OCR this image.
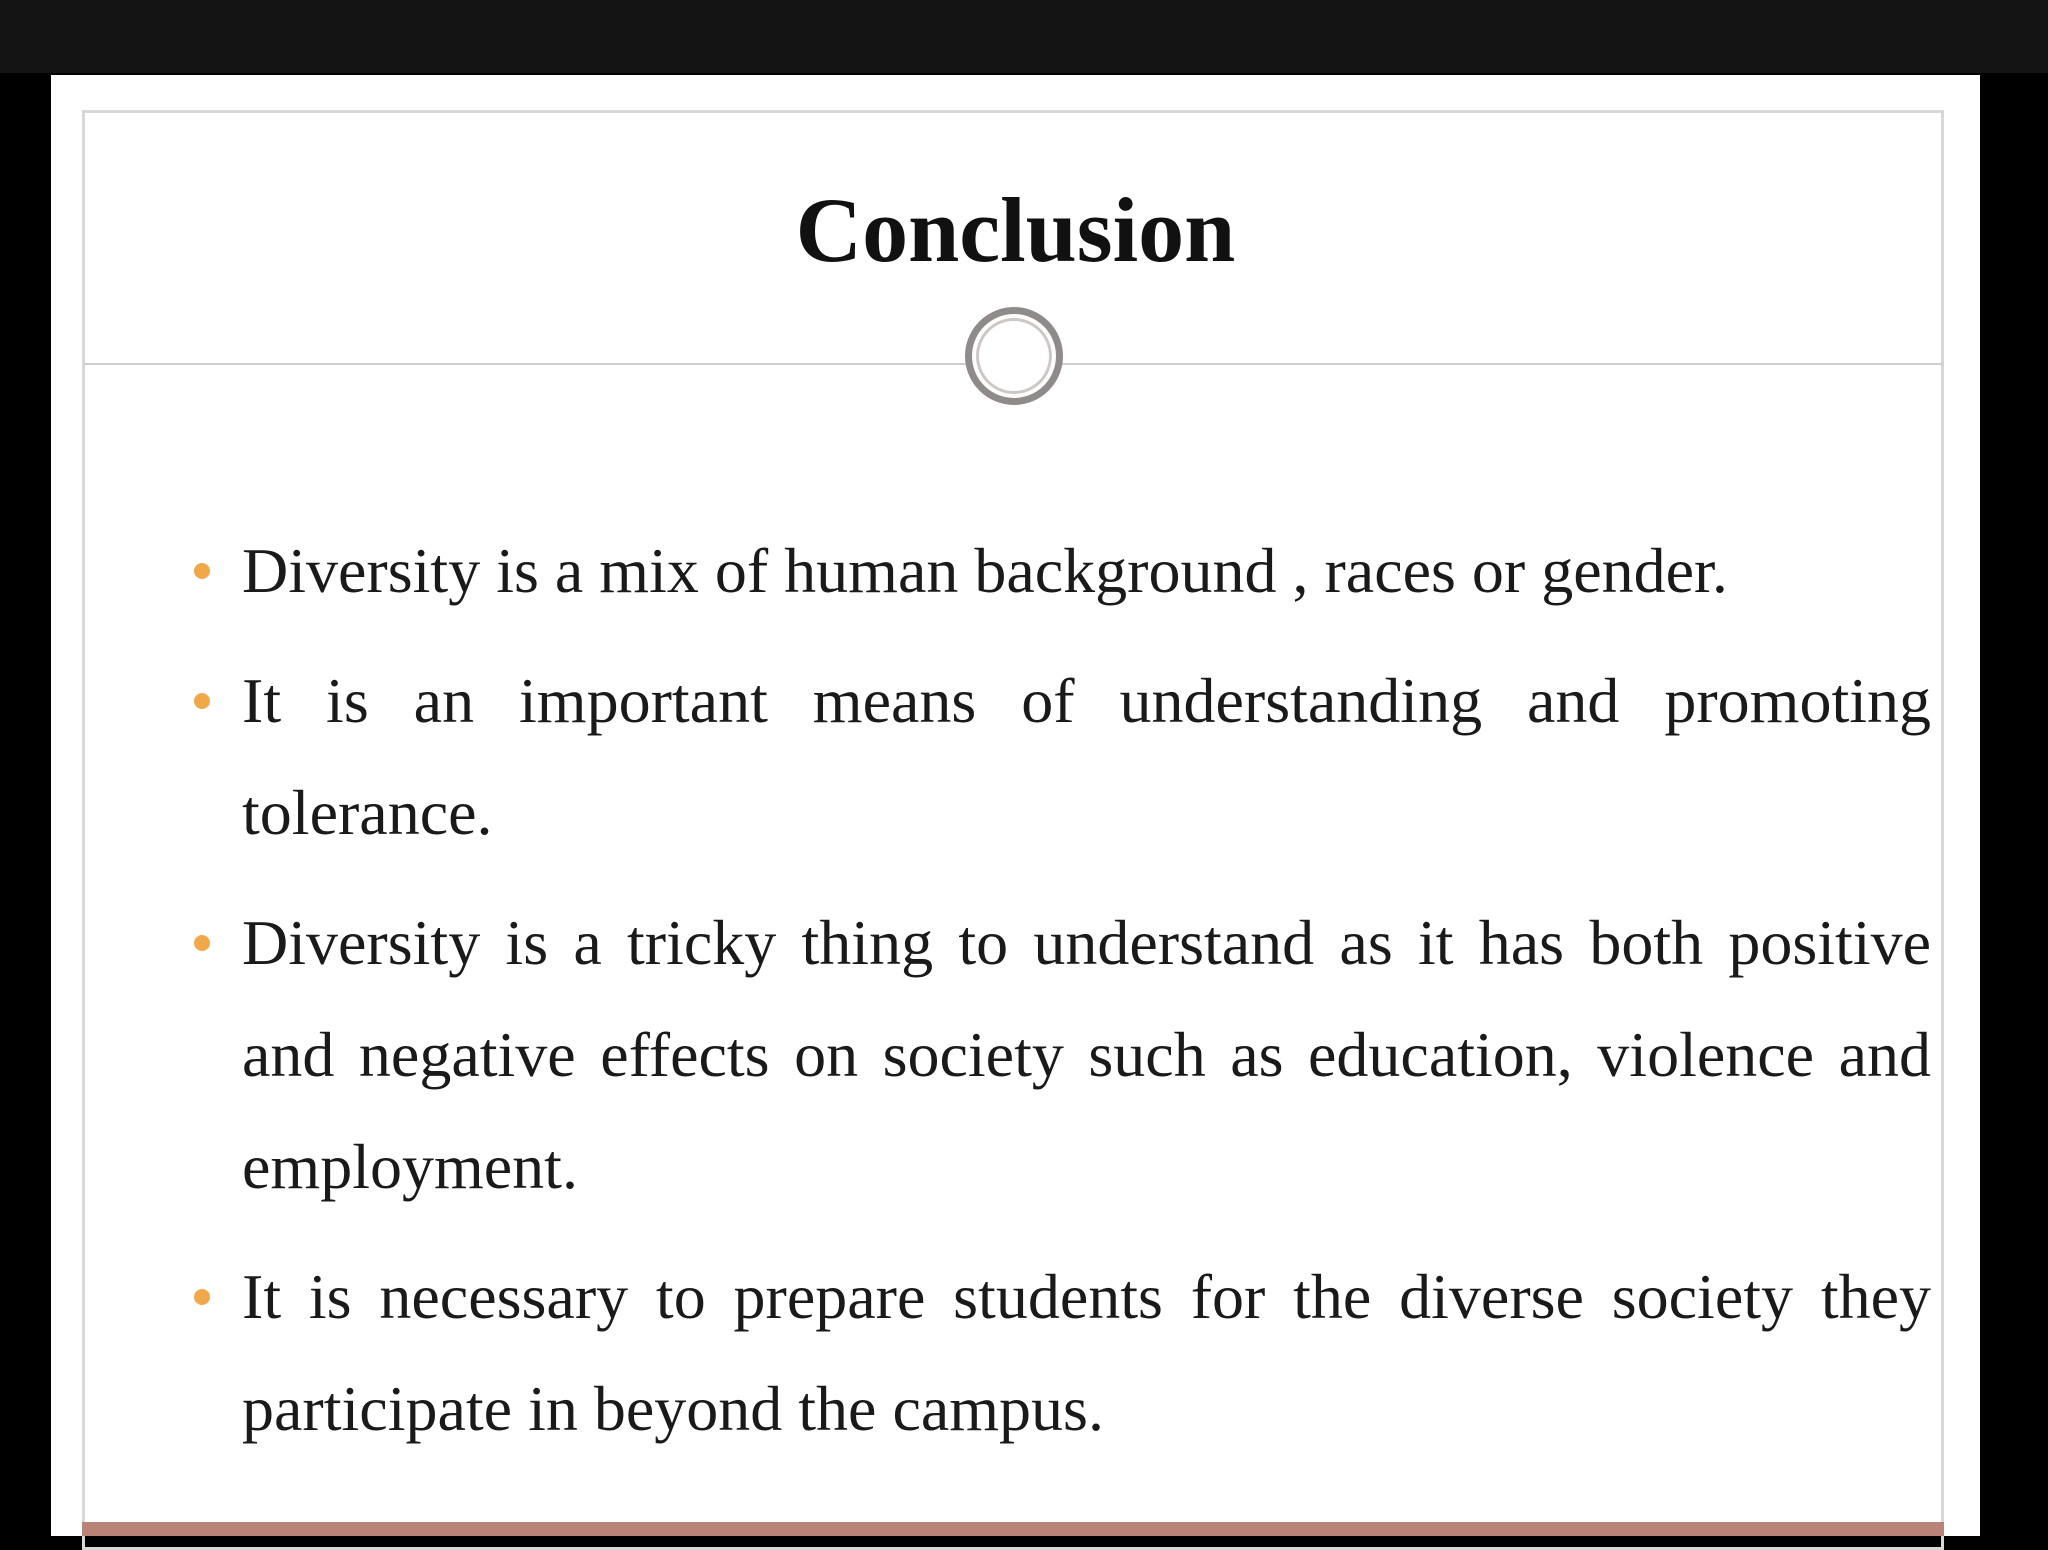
Conclusion
Diversity is a mix of human background , races or gender.
It is an important means of understanding and promoting tolerance.
Diversity is a tricky thing to understand as it has both positive and negative effects on society such as education, violence and employment.
It is necessary to prepare students for the diverse society they participate in beyond the campus.
